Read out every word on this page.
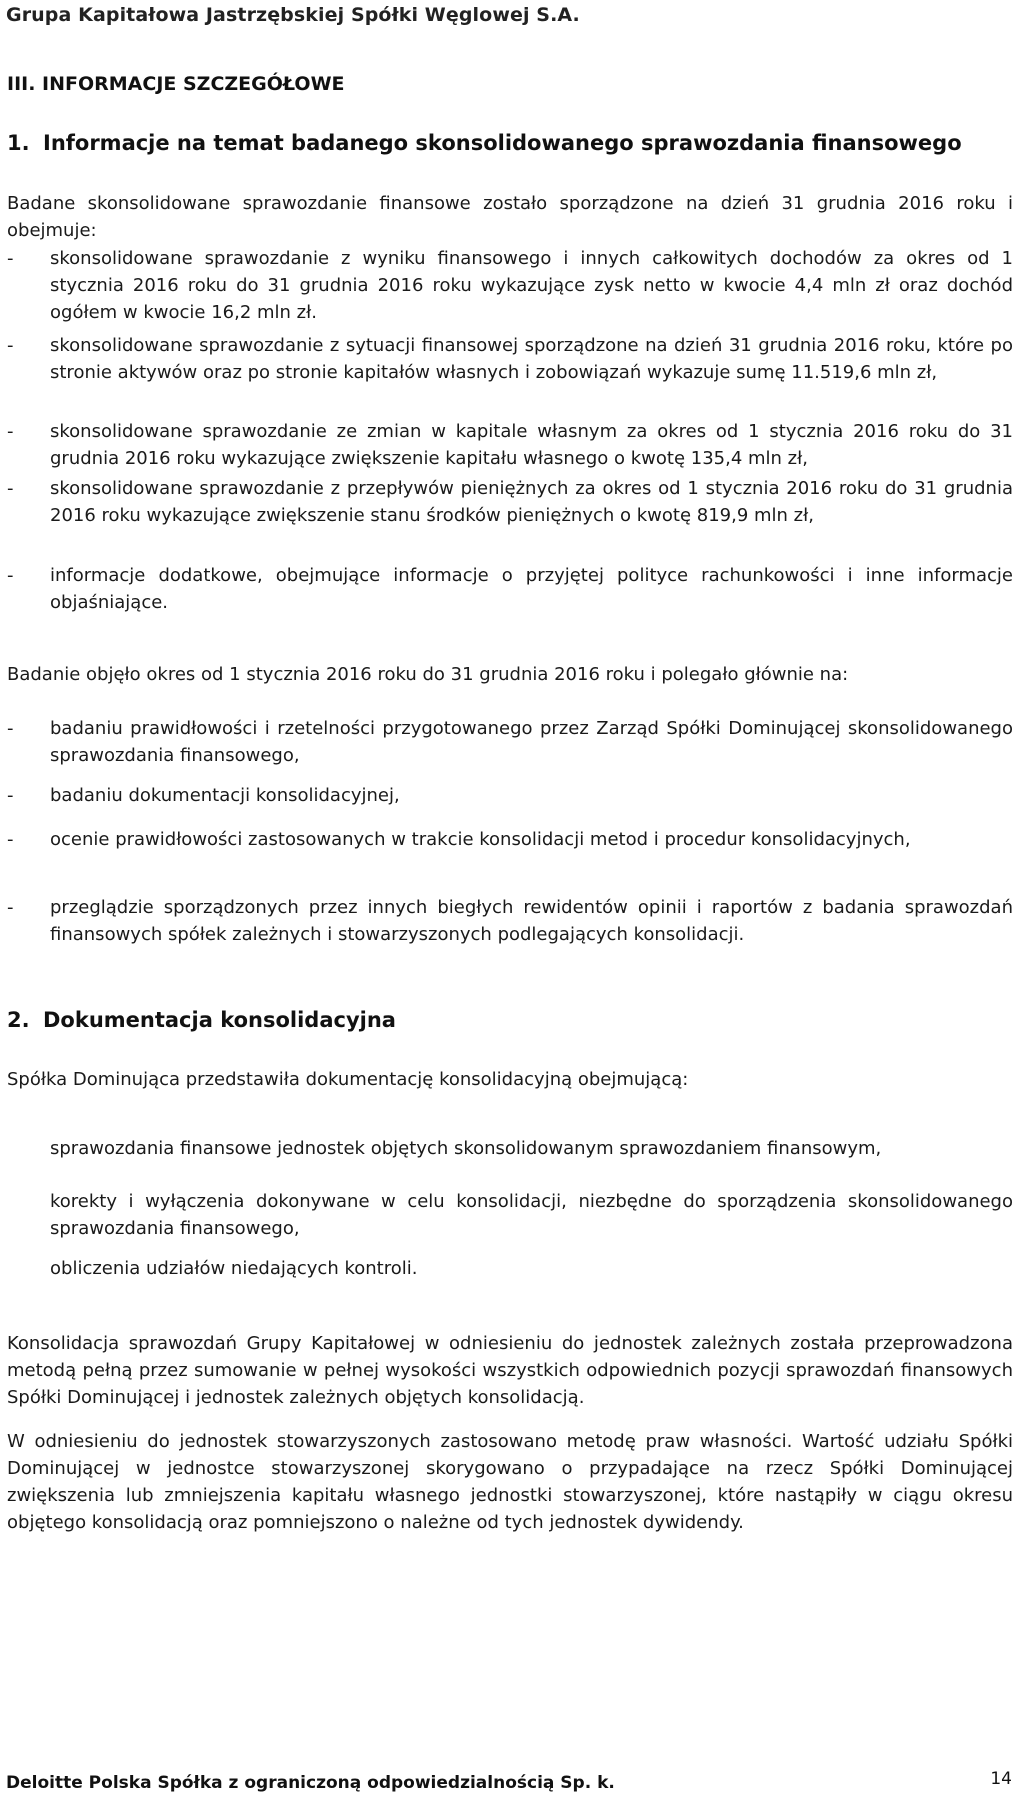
Grupa Kapitałowa Jastrzębskiej Spółki Węglowej S.A.
III. INFORMACJE SZCZEGÓŁOWE
1. Informacje na temat badanego skonsolidowanego sprawozdania finansowego
Badane skonsolidowane sprawozdanie finansowe zostało sporządzone na dzień 31 grudnia 2016 roku i obejmuje:
-	skonsolidowane sprawozdanie z wyniku finansowego i innych całkowitych dochodów za okres od 1 stycznia 2016 roku do 31 grudnia 2016 roku wykazujące zysk netto w kwocie 4,4 mln zł oraz dochód ogółem w kwocie 16,2 mln zł.
-	skonsolidowane sprawozdanie z sytuacji finansowej sporządzone na dzień 31 grudnia 2016 roku, które po stronie aktywów oraz po stronie kapitałów własnych i zobowiązań wykazuje sumę 11.519,6 mln zł,
-	skonsolidowane sprawozdanie ze zmian w kapitale własnym za okres od 1 stycznia 2016 roku do 31 grudnia 2016 roku wykazujące zwiększenie kapitału własnego o kwotę 135,4 mln zł,
-	skonsolidowane sprawozdanie z przepływów pieniężnych za okres od 1 stycznia 2016 roku do 31 grudnia 2016 roku wykazujące zwiększenie stanu środków pieniężnych o kwotę 819,9 mln zł,
-	informacje dodatkowe, obejmujące informacje o przyjętej polityce rachunkowości i inne informacje objaśniające.
Badanie objęło okres od 1 stycznia 2016 roku do 31 grudnia 2016 roku i polegało głównie na:
-	badaniu prawidłowości i rzetelności przygotowanego przez Zarząd Spółki Dominującej skonsolidowanego sprawozdania finansowego,
-	badaniu dokumentacji konsolidacyjnej,
-	ocenie prawidłowości zastosowanych w trakcie konsolidacji metod i procedur konsolidacyjnych,
-	przeglądzie sporządzonych przez innych biegłych rewidentów opinii i raportów z badania sprawozdań finansowych spółek zależnych i stowarzyszonych podlegających konsolidacji.
2. Dokumentacja konsolidacyjna
Spółka Dominująca przedstawiła dokumentację konsolidacyjną obejmującą:
sprawozdania finansowe jednostek objętych skonsolidowanym sprawozdaniem finansowym,
korekty i wyłączenia dokonywane w celu konsolidacji, niezbędne do sporządzenia skonsolidowanego sprawozdania finansowego,
obliczenia udziałów niedających kontroli.
Konsolidacja sprawozdań Grupy Kapitałowej w odniesieniu do jednostek zależnych została przeprowadzona metodą pełną przez sumowanie w pełnej wysokości wszystkich odpowiednich pozycji sprawozdań finansowych Spółki Dominującej i jednostek zależnych objętych konsolidacją.
W odniesieniu do jednostek stowarzyszonych zastosowano metodę praw własności. Wartość udziału Spółki Dominującej w jednostce stowarzyszonej skorygowano o przypadające na rzecz Spółki Dominującej zwiększenia lub zmniejszenia kapitału własnego jednostki stowarzyszonej, które nastąpiły w ciągu okresu objętego konsolidacją oraz pomniejszono o należne od tych jednostek dywidendy.
Deloitte Polska Spółka z ograniczoną odpowiedzialnością Sp. k.	14
